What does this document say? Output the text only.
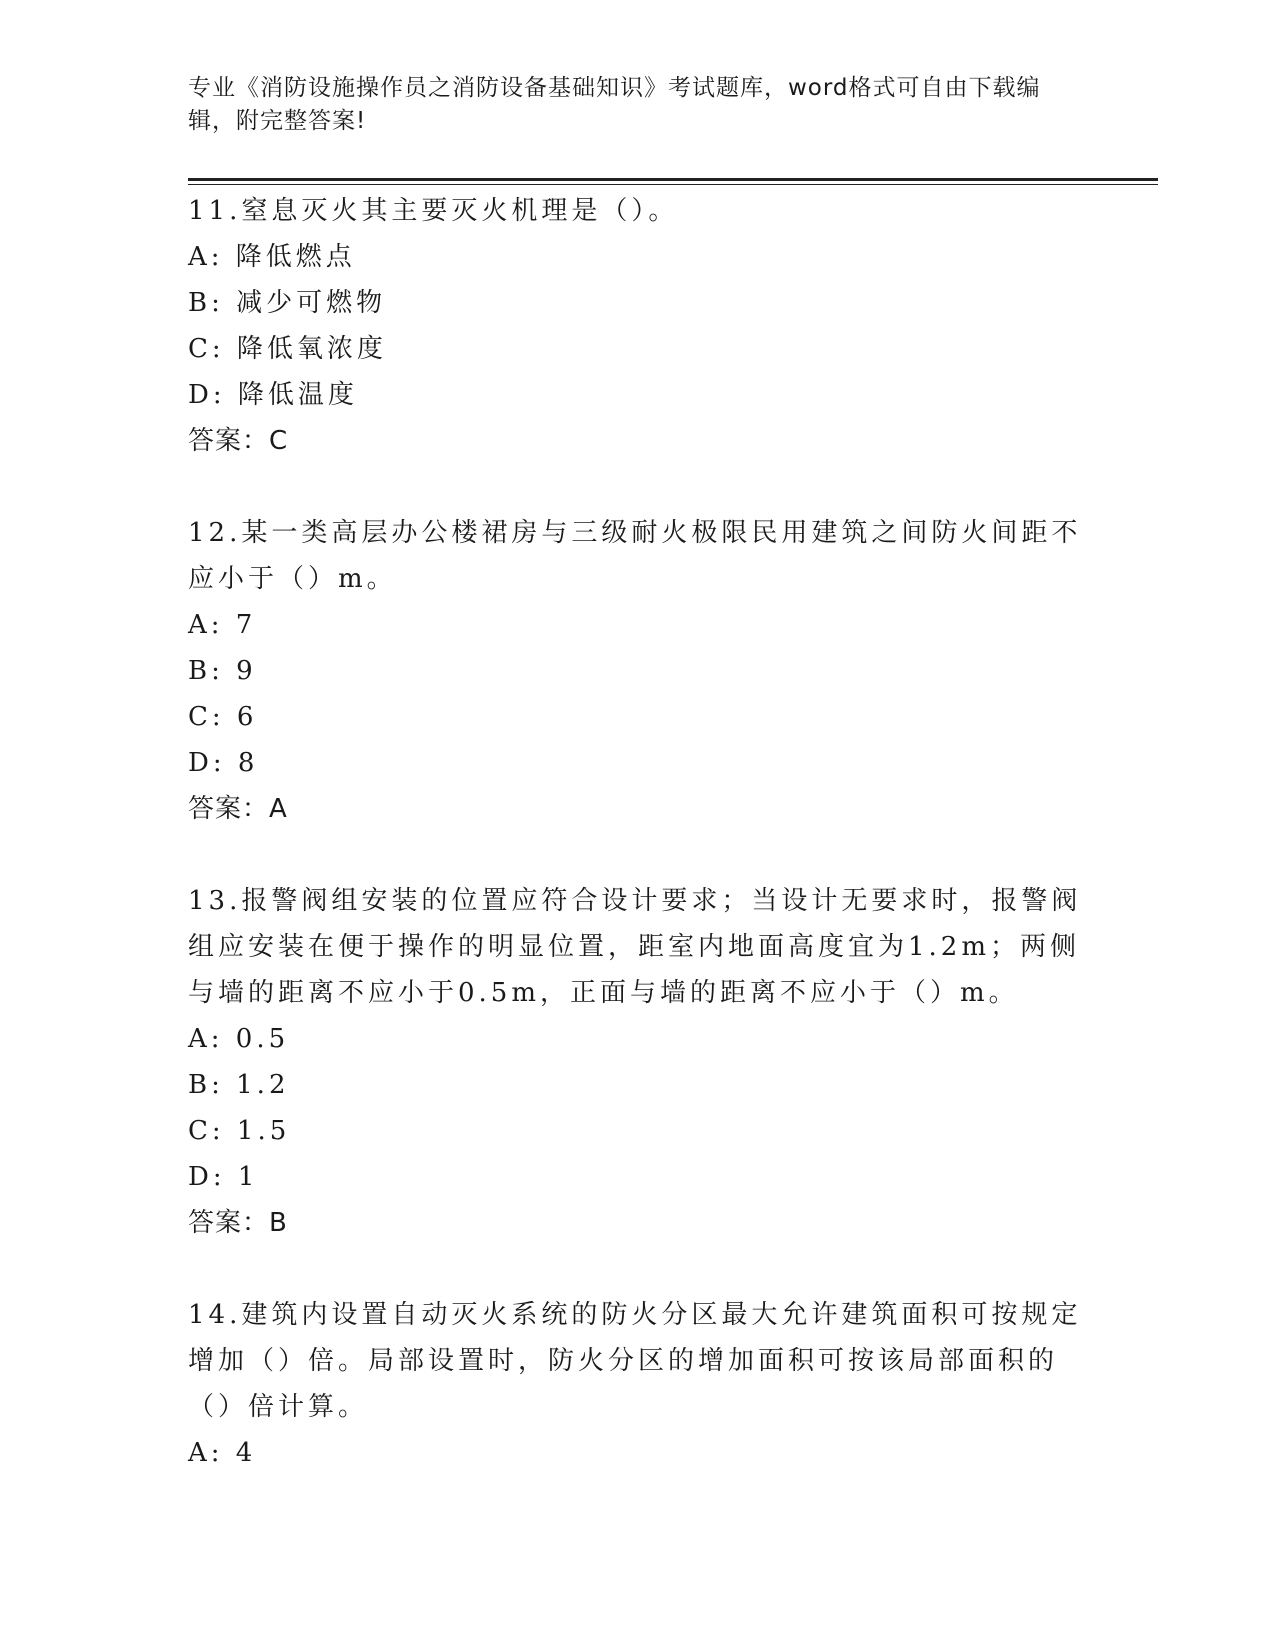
专业《消防设施操作员之消防设备基础知识》考试题库，word格式可自由下载编辑，附完整答案!

11.窒息灭火其主要灭火机理是（）。

A: 降低燃点

B: 减少可燃物

C: 降低氧浓度

D: 降低温度

答案：C

12.某一类高层办公楼裙房与三级耐火极限民用建筑之间防火间距不应小于（）m。

A: 7

B: 9

C: 6

D: 8

答案：A

13.报警阀组安装的位置应符合设计要求；当设计无要求时，报警阀组应安装在便于操作的明显位置，距室内地面高度宜为1.2m；两侧与墙的距离不应小于0.5m，正面与墙的距离不应小于（）m。

A: 0.5

B: 1.2

C: 1.5

D: 1

答案：B

14.建筑内设置自动灭火系统的防火分区最大允许建筑面积可按规定增加（）倍。局部设置时，防火分区的增加面积可按该局部面积的（）倍计算。

A: 4
